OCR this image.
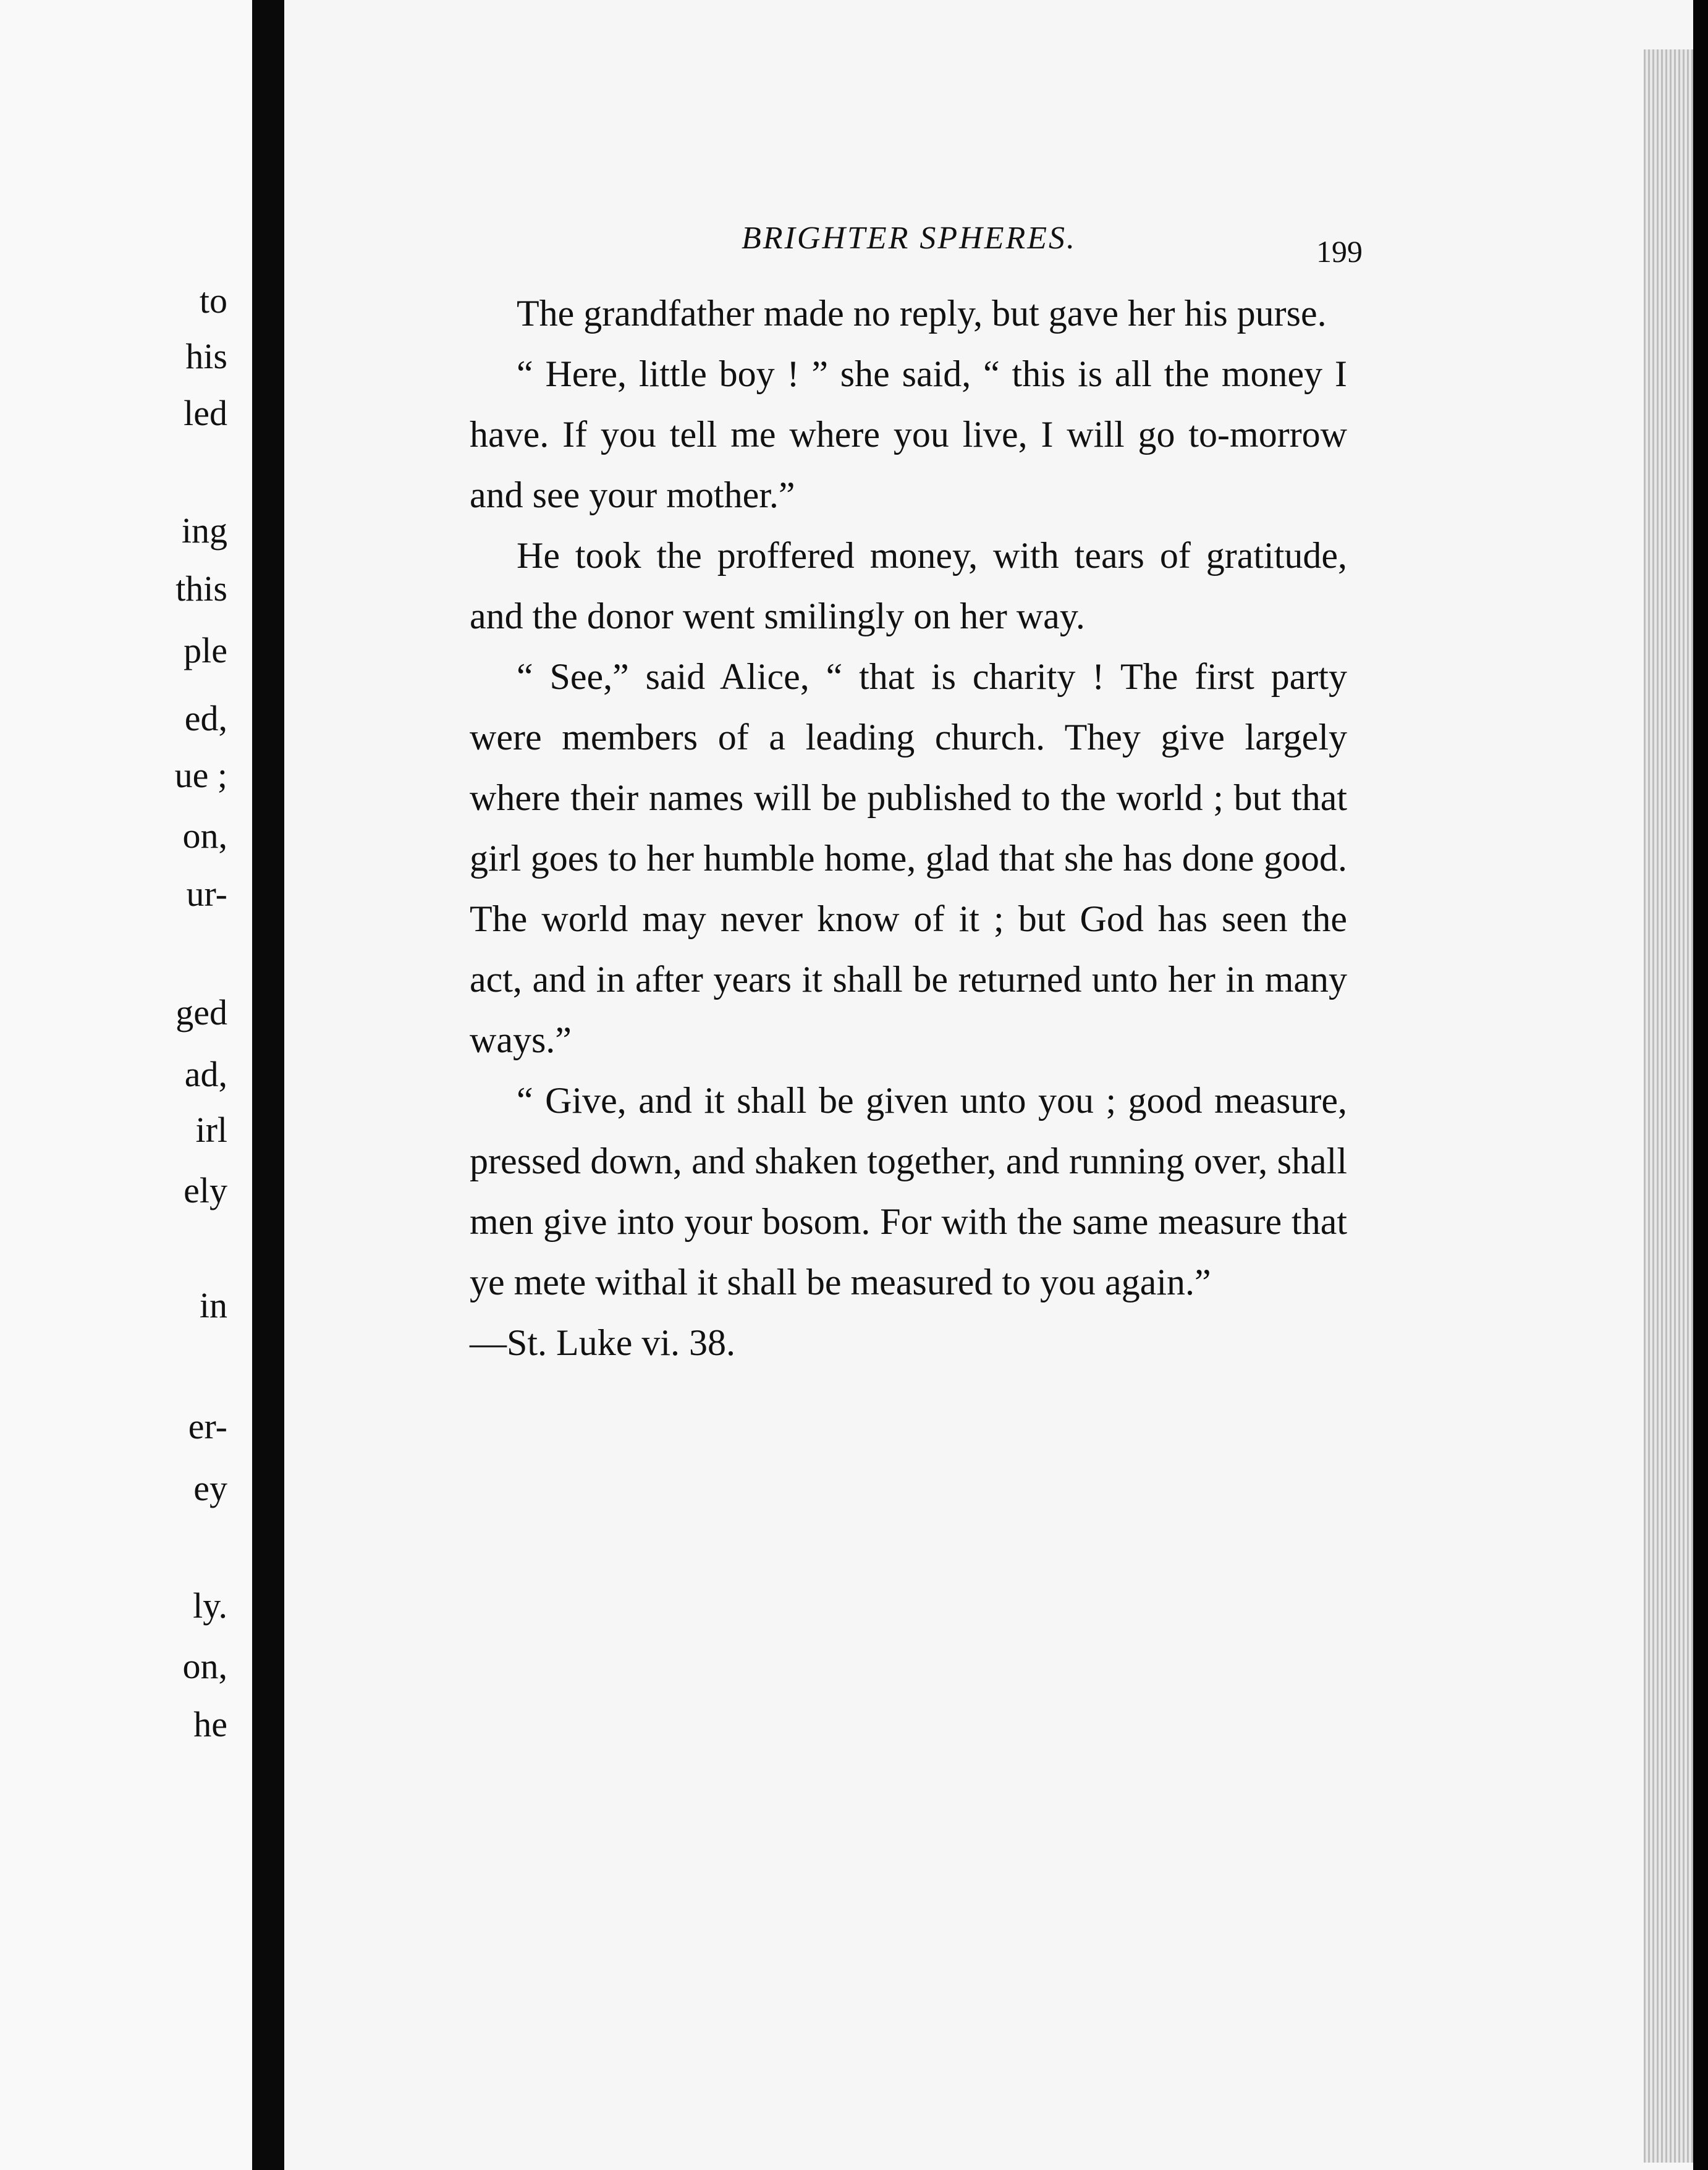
to
his
led
ing
this
ple
ed,
ue ;
on,
ur-
ged
ad,
irl
ely
in
er-
ey
ly.
on,
he
BRIGHTER SPHERES.	199

The grandfather made no reply, but gave her his purse.

“ Here, little boy ! ” she said, “ this is all the money I have. If you tell me where you live, I will go to-morrow and see your mother.”

He took the proffered money, with tears of gratitude, and the donor went smilingly on her way.

“ See,” said Alice, “ that is charity ! The first party were members of a leading church. They give largely where their names will be published to the world ; but that girl goes to her humble home, glad that she has done good. The world may never know of it ; but God has seen the act, and in after years it shall be returned unto her in many ways.”

“ Give, and it shall be given unto you ; good measure, pressed down, and shaken together, and running over, shall men give into your bosom. For with the same measure that ye mete withal it shall be measured to you again.”

—St. Luke vi. 38.
